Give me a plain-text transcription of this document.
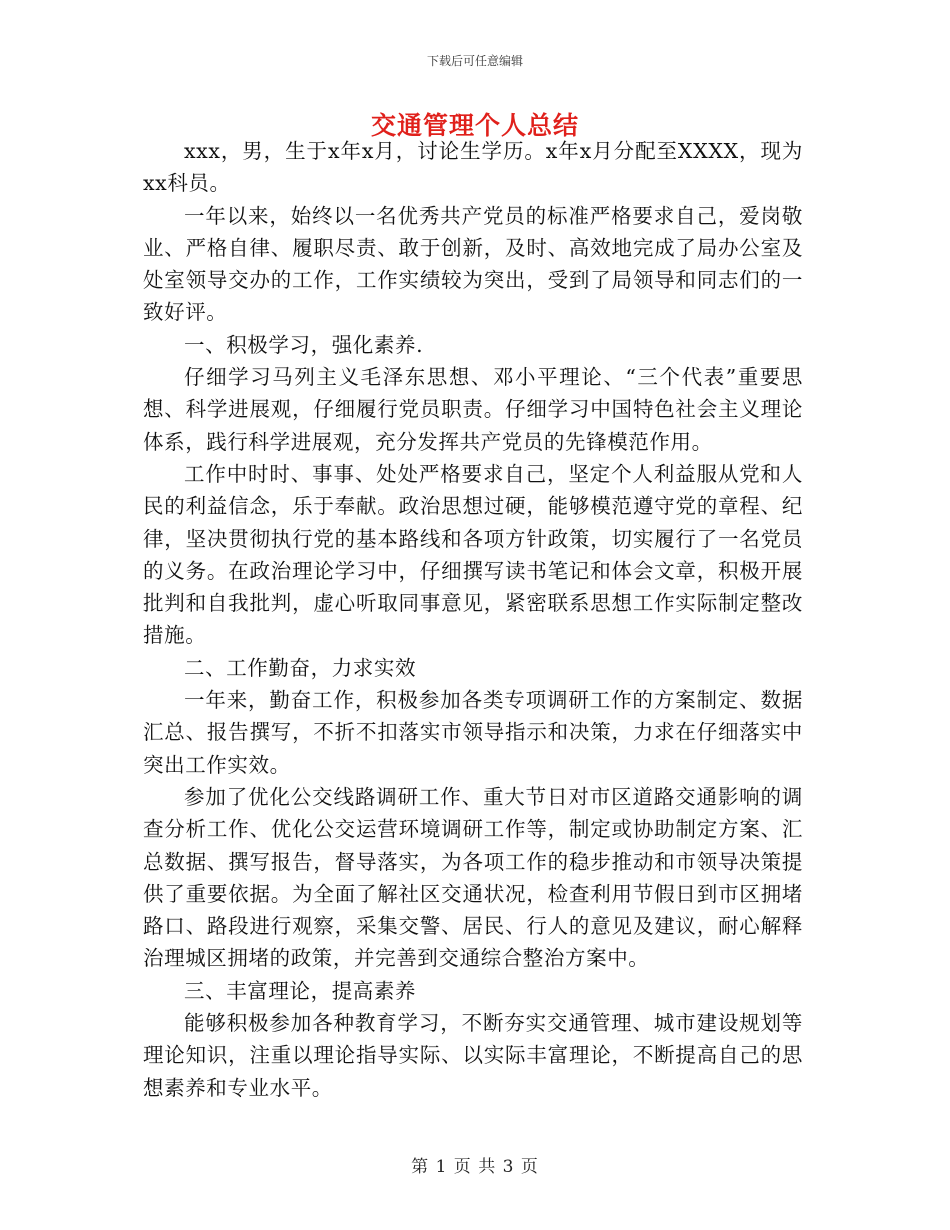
下载后可任意编辑
交通管理个人总结

xxx，男，生于x年x月，讨论生学历。x年x月分配至XXXX，现为xx科员。

一年以来，始终以一名优秀共产党员的标准严格要求自己，爱岗敬业、严格自律、履职尽责、敢于创新，及时、高效地完成了局办公室及处室领导交办的工作，工作实绩较为突出，受到了局领导和同志们的一致好评。

一、积极学习，强化素养.

仔细学习马列主义毛泽东思想、邓小平理论、“三个代表”重要思想、科学进展观，仔细履行党员职责。仔细学习中国特色社会主义理论体系，践行科学进展观，充分发挥共产党员的先锋模范作用。

工作中时时、事事、处处严格要求自己，坚定个人利益服从党和人民的利益信念，乐于奉献。政治思想过硬，能够模范遵守党的章程、纪律，坚决贯彻执行党的基本路线和各项方针政策，切实履行了一名党员的义务。在政治理论学习中，仔细撰写读书笔记和体会文章，积极开展批判和自我批判，虚心听取同事意见，紧密联系思想工作实际制定整改措施。

二、工作勤奋，力求实效

一年来，勤奋工作，积极参加各类专项调研工作的方案制定、数据汇总、报告撰写，不折不扣落实市领导指示和决策，力求在仔细落实中突出工作实效。

参加了优化公交线路调研工作、重大节日对市区道路交通影响的调查分析工作、优化公交运营环境调研工作等，制定或协助制定方案、汇总数据、撰写报告，督导落实，为各项工作的稳步推动和市领导决策提供了重要依据。为全面了解社区交通状况，检查利用节假日到市区拥堵路口、路段进行观察，采集交警、居民、行人的意见及建议，耐心解释治理城区拥堵的政策，并完善到交通综合整治方案中。

三、丰富理论，提高素养

能够积极参加各种教育学习，不断夯实交通管理、城市建设规划等理论知识，注重以理论指导实际、以实际丰富理论，不断提高自己的思想素养和专业水平。

第 1 页 共 3 页
